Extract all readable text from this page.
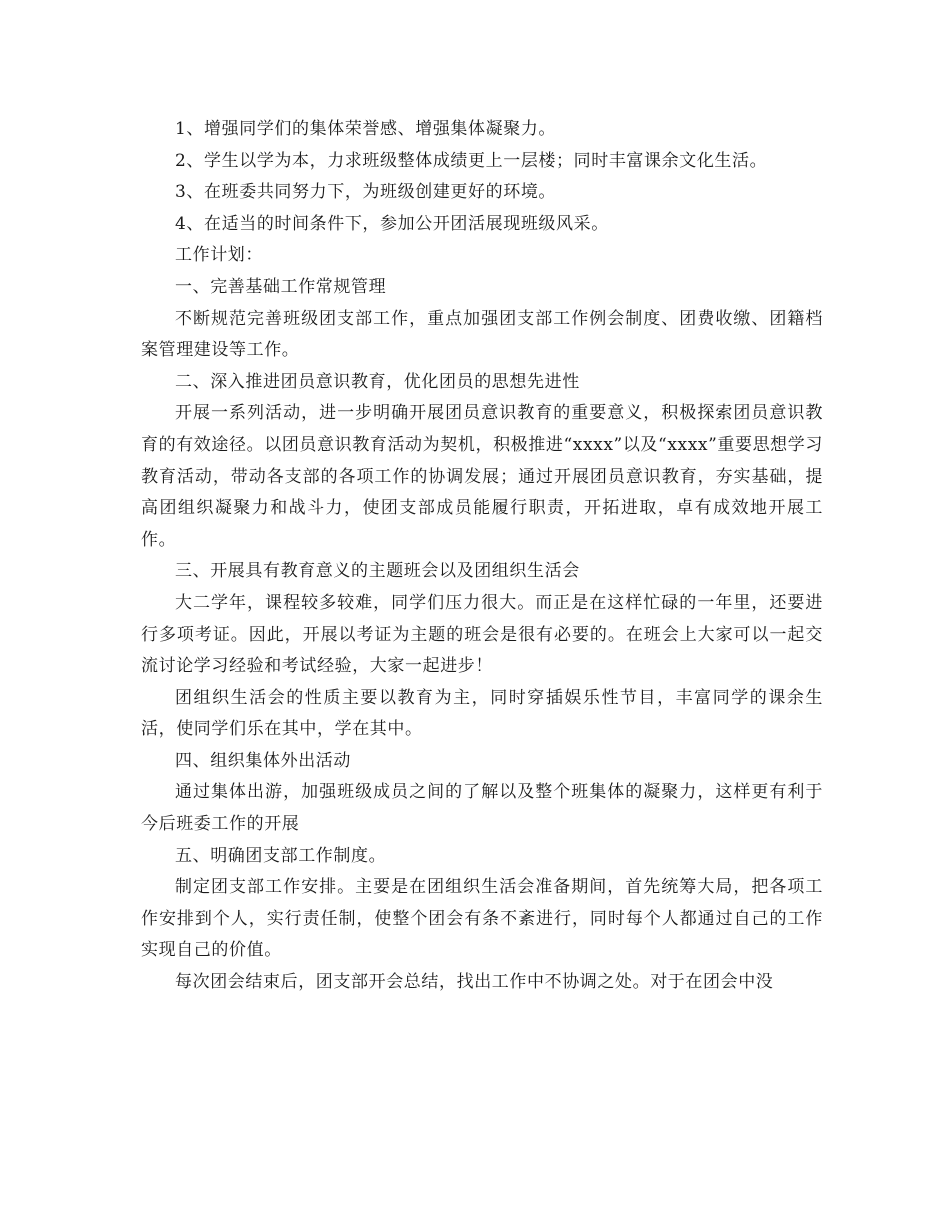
1、增强同学们的集体荣誉感、增强集体凝聚力。

2、学生以学为本，力求班级整体成绩更上一层楼；同时丰富课余文化生活。

3、在班委共同努力下，为班级创建更好的环境。

4、在适当的时间条件下，参加公开团活展现班级风采。

工作计划：

一、完善基础工作常规管理

不断规范完善班级团支部工作，重点加强团支部工作例会制度、团费收缴、团籍档案管理建设等工作。

二、深入推进团员意识教育，优化团员的思想先进性

开展一系列活动，进一步明确开展团员意识教育的重要意义，积极探索团员意识教育的有效途径。以团员意识教育活动为契机，积极推进“xxxx”以及“xxxx”重要思想学习教育活动，带动各支部的各项工作的协调发展；通过开展团员意识教育，夯实基础，提高团组织凝聚力和战斗力，使团支部成员能履行职责，开拓进取，卓有成效地开展工作。

三、开展具有教育意义的主题班会以及团组织生活会

大二学年，课程较多较难，同学们压力很大。而正是在这样忙碌的一年里，还要进行多项考证。因此，开展以考证为主题的班会是很有必要的。在班会上大家可以一起交流讨论学习经验和考试经验，大家一起进步！

团组织生活会的性质主要以教育为主，同时穿插娱乐性节目，丰富同学的课余生活，使同学们乐在其中，学在其中。

四、组织集体外出活动

通过集体出游，加强班级成员之间的了解以及整个班集体的凝聚力，这样更有利于今后班委工作的开展

五、明确团支部工作制度。

制定团支部工作安排。主要是在团组织生活会准备期间，首先统筹大局，把各项工作安排到个人，实行责任制，使整个团会有条不紊进行，同时每个人都通过自己的工作实现自己的价值。

每次团会结束后，团支部开会总结，找出工作中不协调之处。对于在团会中没
